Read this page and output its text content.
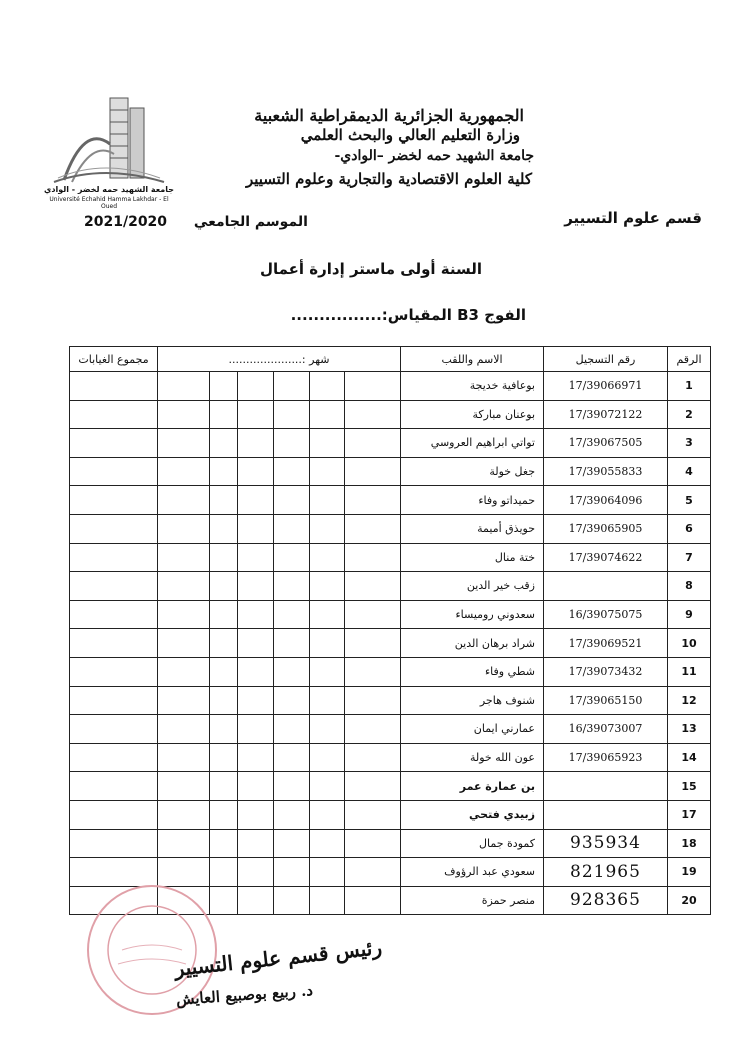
جامعة الشهيد حمه لخضر - الوادي
Université Echahid Hamma Lakhdar - El Oued
الجمهورية الجزائرية الديمقراطية الشعبية
وزارة التعليم العالي والبحث العلمي
جامعة الشهيد حمه لخضر –الوادي-
كلية العلوم الاقتصادية والتجارية وعلوم التسيير
قسم علوم التسيير
الموسم الجامعي 2021/2020
السنة أولى ماستر إدارة أعمال
الفوج B3 المقياس:................
الرقم	رقم التسجيل	الاسم واللقب	شهر :.....................						مجموع الغيابات
1	17/39066971	بوعافية خديجة							
2	17/39072122	بوعنان مباركة							
3	17/39067505	تواتي ابراهيم العروسي							
4	17/39055833	جغل خولة							
5	17/39064096	حميداتو وفاء							
6	17/39065905	حويذق أميمة							
7	17/39074622	ختة منال							
8		زقب خير الدين							
9	16/39075075	سعدوني روميساء							
10	17/39069521	شراد برهان الدين							
11	17/39073432	شطي وفاء							
12	17/39065150	شنوف هاجر							
13	16/39073007	عمارني ايمان							
14	17/39065923	عون الله خولة							
15		بن عمارة عمر							
17		زبيدي فتحي							
18	935934	كمودة جمال							
19	821965	سعودي عبد الرؤوف							
20	928365	منصر حمزة							
رئيس قسم علوم التسيير
د. ربيع بوصبيع العايش
